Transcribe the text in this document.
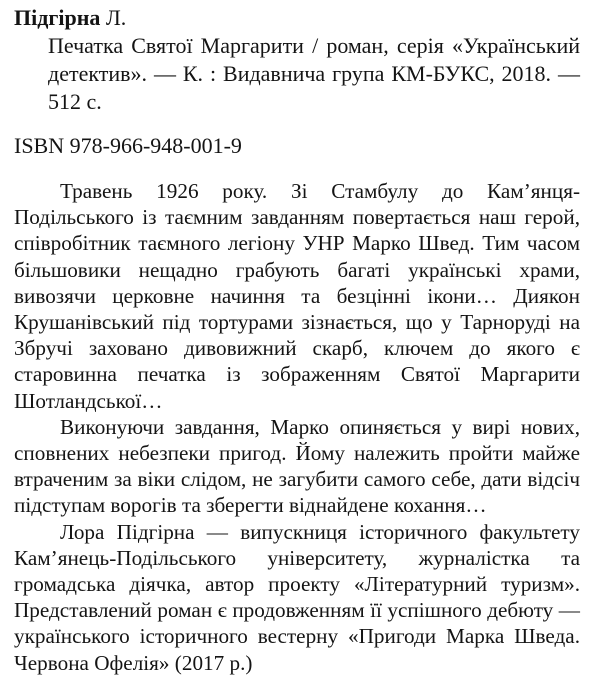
Підгірна Л.

Печатка Святої Маргарити / роман, серія «Український детектив». — К. : Видавнича група КМ-БУКС, 2018. — 512 с.

ISBN 978-966-948-001-9

Травень 1926 року. Зі Стамбулу до Кам’янця-Подільського із таємним завданням повертається наш герой, співробітник таємного легіону УНР Марко Швед. Тим часом більшовики нещадно грабують багаті українські храми, вивозячи церковне начиння та безцінні ікони… Диякон Крушанівський під тортурами зізнається, що у Тарноруді на Збручі заховано дивовижний скарб, ключем до якого є старовинна печатка із зображенням Святої Маргарити Шотландської…

Виконуючи завдання, Марко опиняється у вирі нових, сповнених небезпеки пригод. Йому належить пройти майже втраченим за віки слідом, не загубити самого себе, дати відсіч підступам ворогів та зберегти віднайдене кохання…

Лора Підгірна — випускниця історичного факультету Кам’янець-Подільського університету, журналістка та громадська діячка, автор проекту «Літературний туризм». Представлений роман є продовженням її успішного дебюту — українського історичного вестерну «Пригоди Марка Шведа. Червона Офелія» (2017 р.)
